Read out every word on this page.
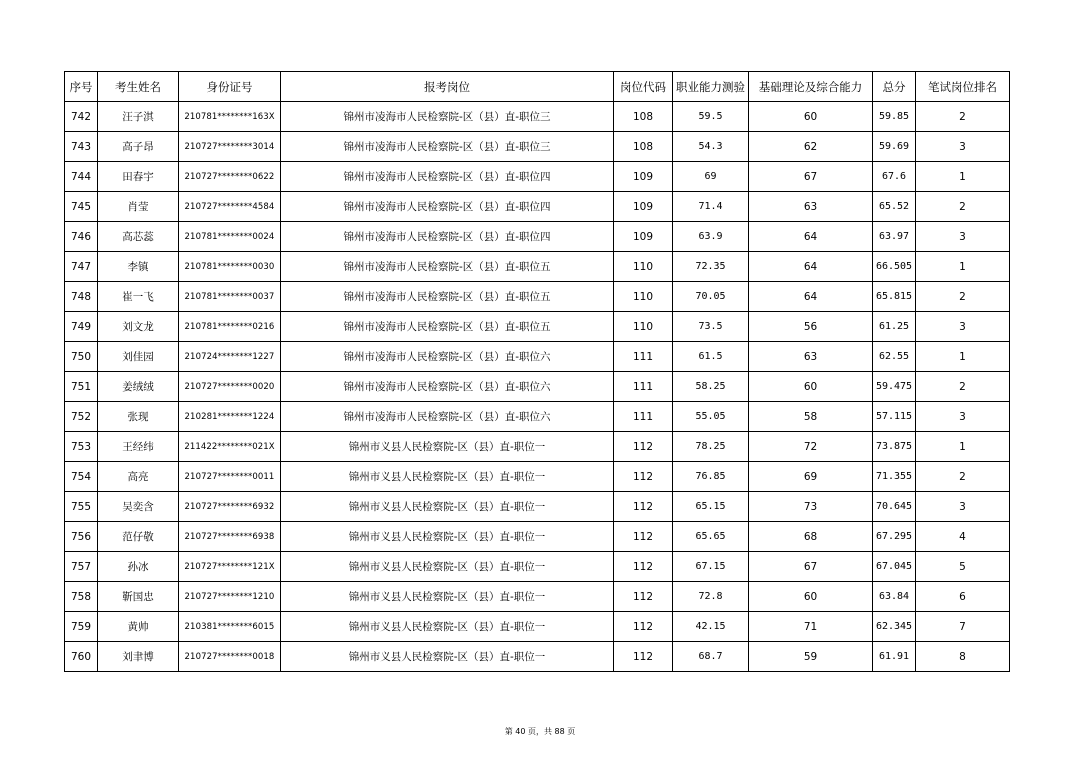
序号	考生姓名	身份证号	报考岗位	岗位代码	职业能力测验	基础理论及综合能力	总分	笔试岗位排名
742	汪子淇	210781********163X	锦州市凌海市人民检察院-区（县）直-职位三	108	59.5	60	59.85	2
743	高子昂	210727********3014	锦州市凌海市人民检察院-区（县）直-职位三	108	54.3	62	59.69	3
744	田春宇	210727********0622	锦州市凌海市人民检察院-区（县）直-职位四	109	69	67	67.6	1
745	肖莹	210727********4584	锦州市凌海市人民检察院-区（县）直-职位四	109	71.4	63	65.52	2
746	高芯蕊	210781********0024	锦州市凌海市人民检察院-区（县）直-职位四	109	63.9	64	63.97	3
747	李镇	210781********0030	锦州市凌海市人民检察院-区（县）直-职位五	110	72.35	64	66.505	1
748	崔一飞	210781********0037	锦州市凌海市人民检察院-区（县）直-职位五	110	70.05	64	65.815	2
749	刘文龙	210781********0216	锦州市凌海市人民检察院-区（县）直-职位五	110	73.5	56	61.25	3
750	刘佳园	210724********1227	锦州市凌海市人民检察院-区（县）直-职位六	111	61.5	63	62.55	1
751	姜绒绒	210727********0020	锦州市凌海市人民检察院-区（县）直-职位六	111	58.25	60	59.475	2
752	张现	210281********1224	锦州市凌海市人民检察院-区（县）直-职位六	111	55.05	58	57.115	3
753	王经纬	211422********021X	锦州市义县人民检察院-区（县）直-职位一	112	78.25	72	73.875	1
754	高亮	210727********0011	锦州市义县人民检察院-区（县）直-职位一	112	76.85	69	71.355	2
755	吴奕含	210727********6932	锦州市义县人民检察院-区（县）直-职位一	112	65.15	73	70.645	3
756	范仔敬	210727********6938	锦州市义县人民检察院-区（县）直-职位一	112	65.65	68	67.295	4
757	孙冰	210727********121X	锦州市义县人民检察院-区（县）直-职位一	112	67.15	67	67.045	5
758	靳国忠	210727********1210	锦州市义县人民检察院-区（县）直-职位一	112	72.8	60	63.84	6
759	黄帅	210381********6015	锦州市义县人民检察院-区（县）直-职位一	112	42.15	71	62.345	7
760	刘聿博	210727********0018	锦州市义县人民检察院-区（县）直-职位一	112	68.7	59	61.91	8
第 40 页，共 88 页
